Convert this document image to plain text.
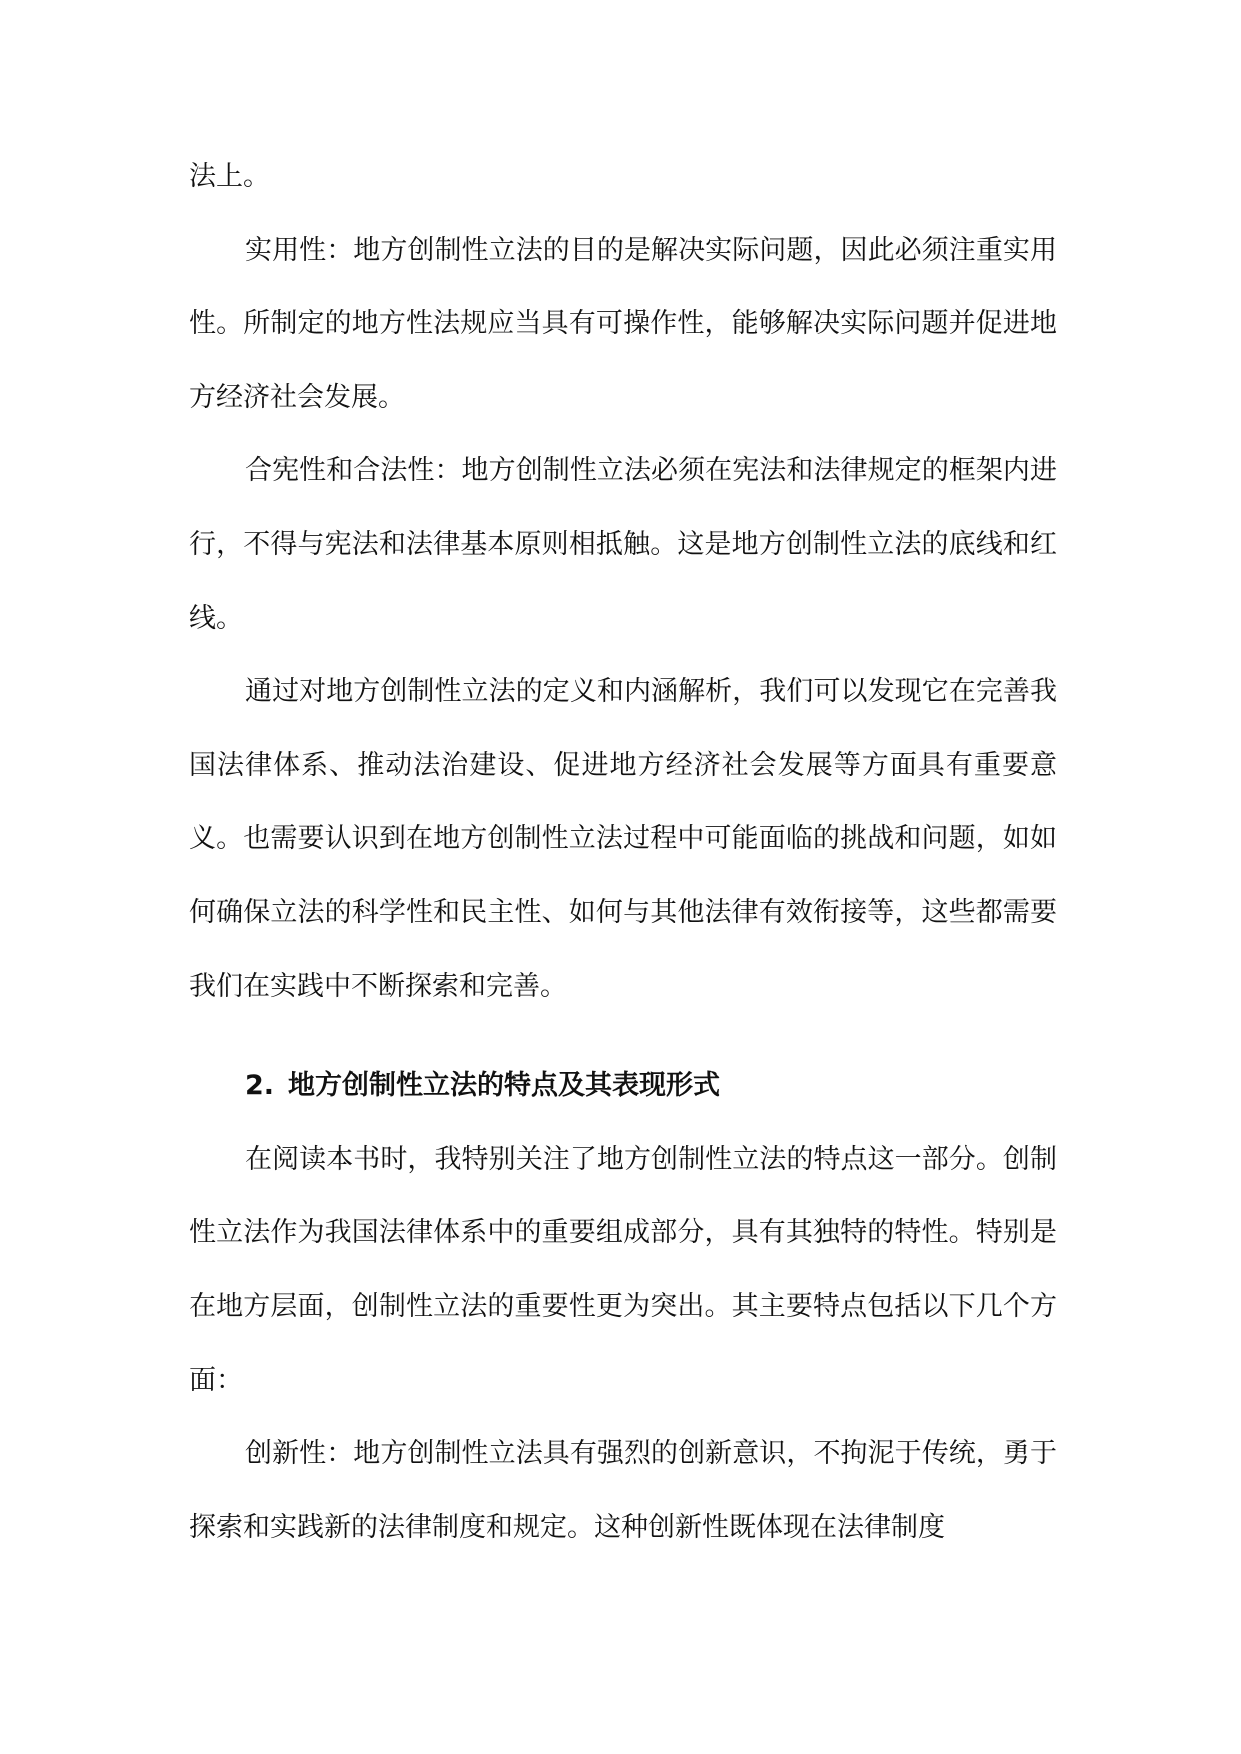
法上。

实用性：地方创制性立法的目的是解决实际问题，因此必须注重实用性。所制定的地方性法规应当具有可操作性，能够解决实际问题并促进地方经济社会发展。

合宪性和合法性：地方创制性立法必须在宪法和法律规定的框架内进行，不得与宪法和法律基本原则相抵触。这是地方创制性立法的底线和红线。

通过对地方创制性立法的定义和内涵解析，我们可以发现它在完善我国法律体系、推动法治建设、促进地方经济社会发展等方面具有重要意义。也需要认识到在地方创制性立法过程中可能面临的挑战和问题，如如何确保立法的科学性和民主性、如何与其他法律有效衔接等，这些都需要我们在实践中不断探索和完善。

2. 地方创制性立法的特点及其表现形式

在阅读本书时，我特别关注了地方创制性立法的特点这一部分。创制性立法作为我国法律体系中的重要组成部分，具有其独特的特性。特别是在地方层面，创制性立法的重要性更为突出。其主要特点包括以下几个方面：

创新性：地方创制性立法具有强烈的创新意识，不拘泥于传统，勇于探索和实践新的法律制度和规定。这种创新性既体现在法律制度
